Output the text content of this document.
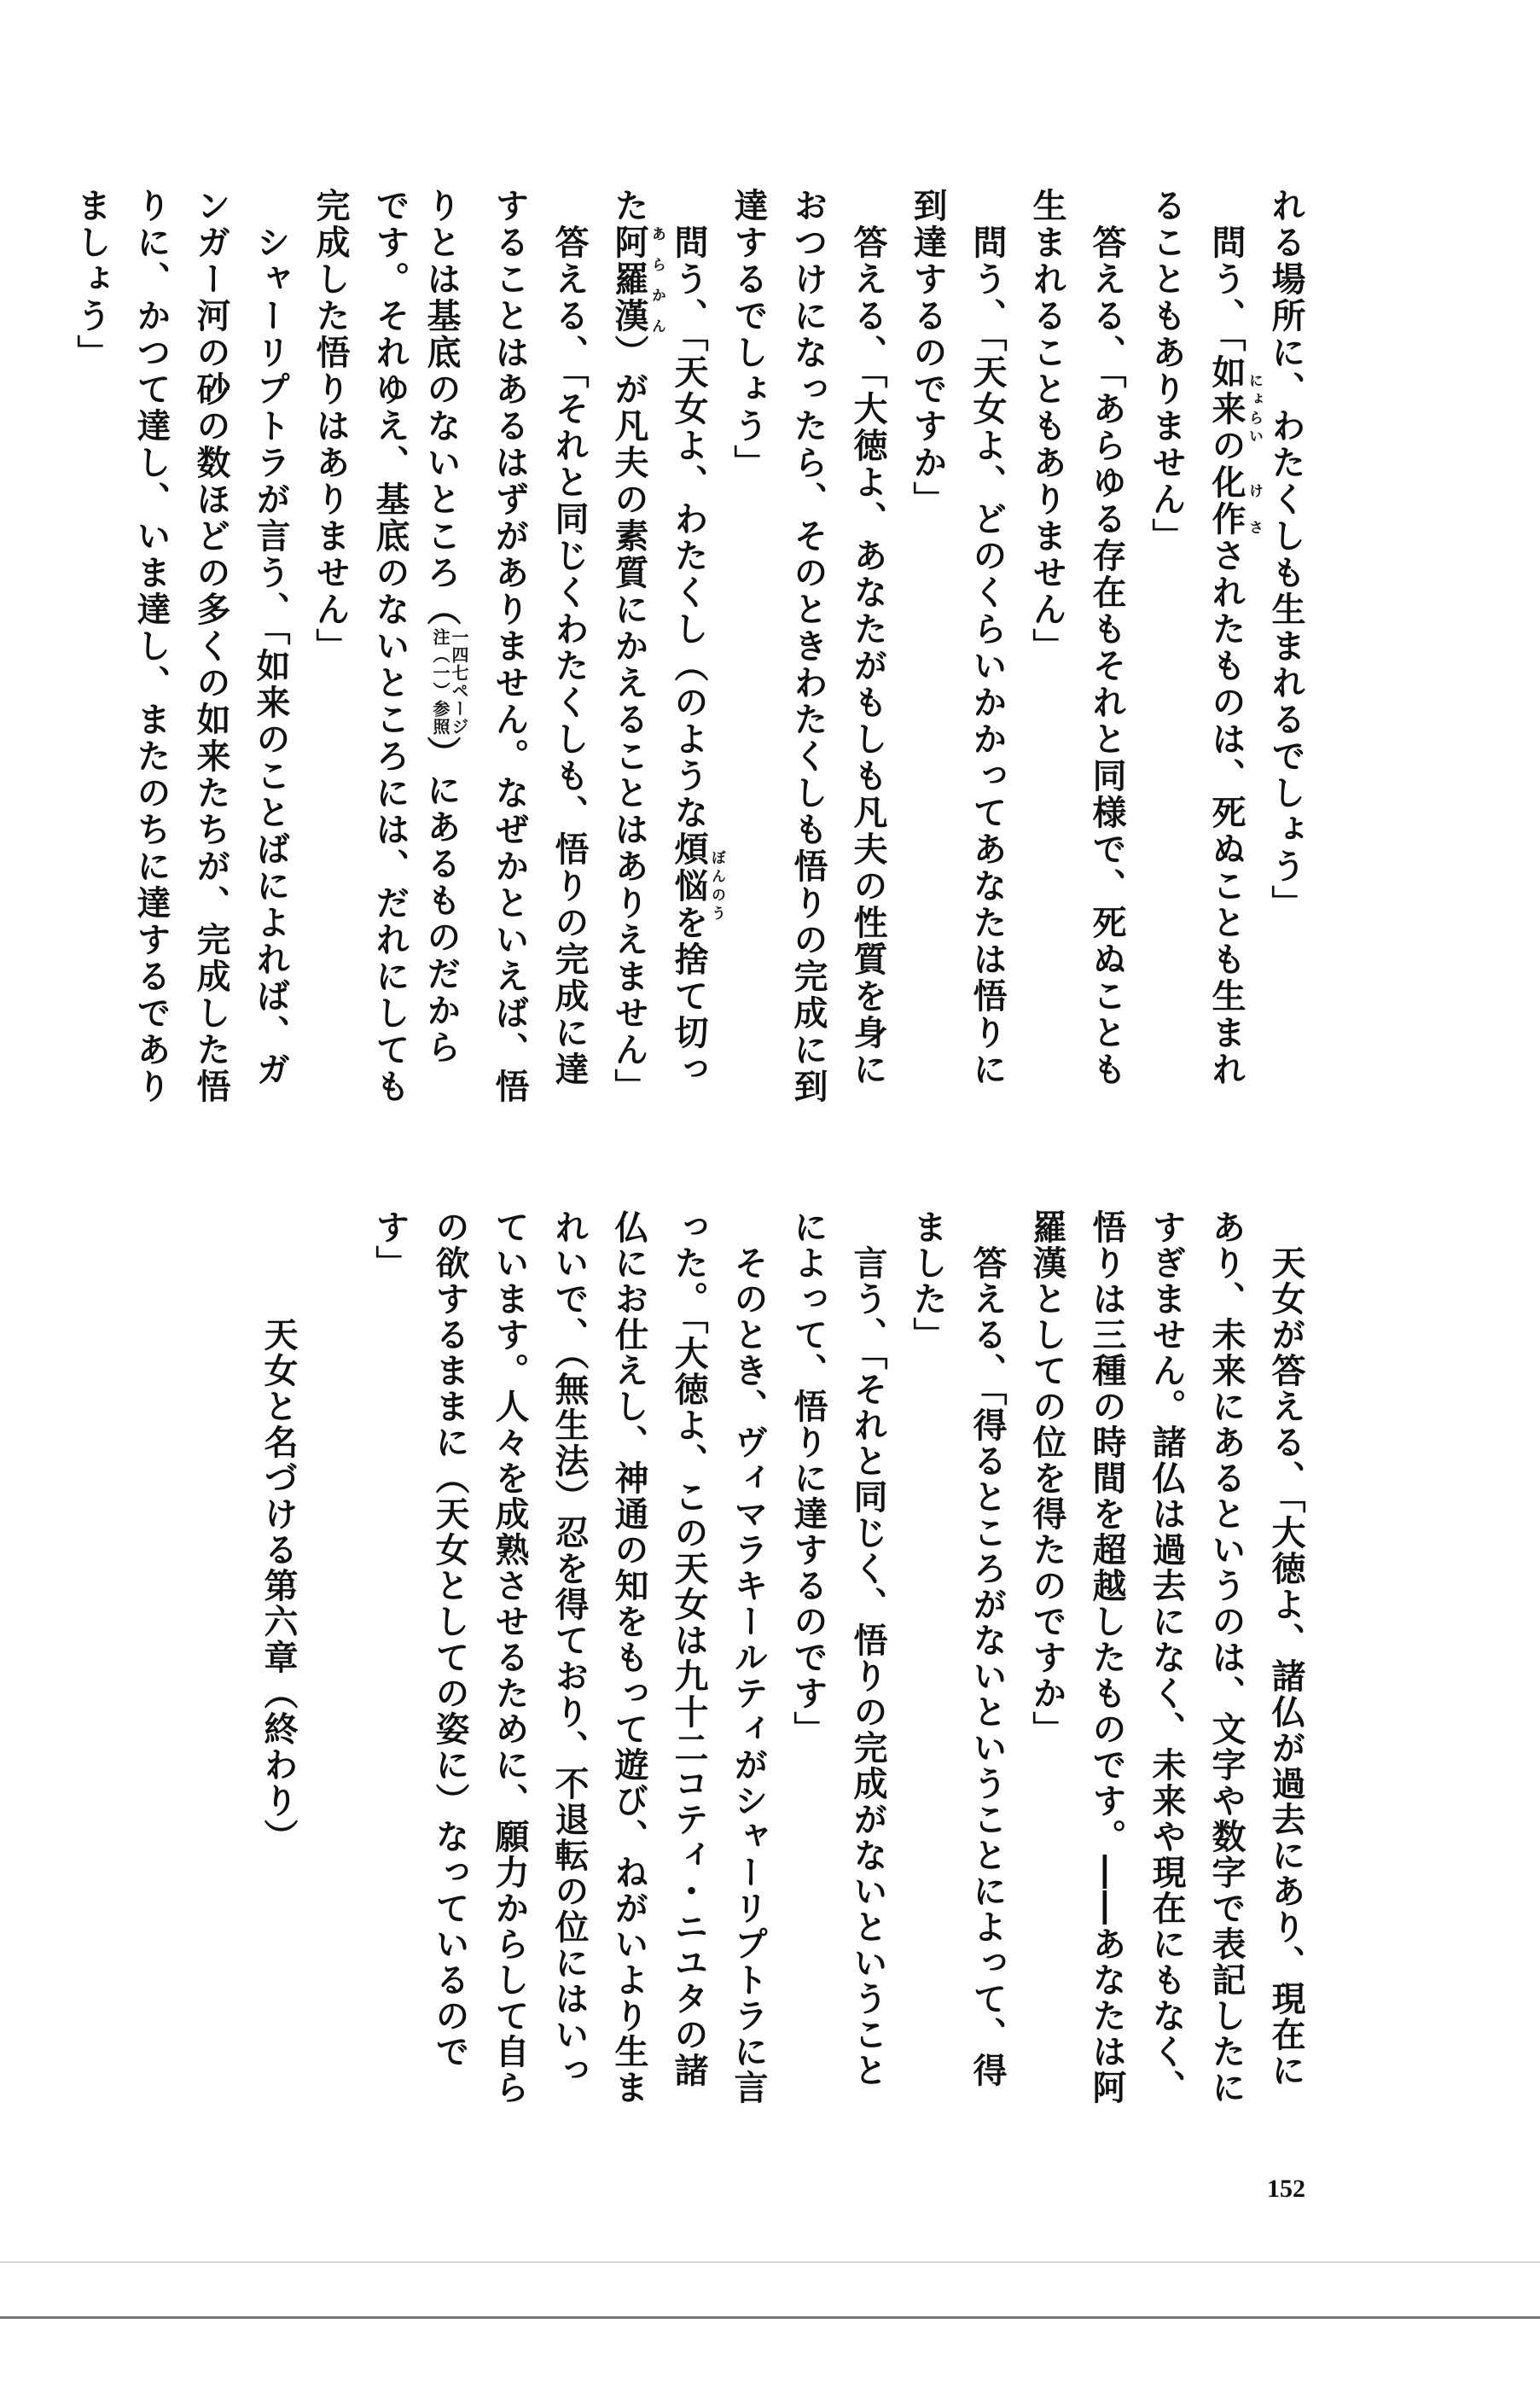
れる場所に、わたくしも生まれるでしょう」
問う、「如来の化作されたものは、死ぬことも生まれ にょらい
け
さ
ることもありません」
答える、「あらゆる存在もそれと同様で、死ぬことも
生まれることもありません」
問う、「天女よ、どのくらいかかってあなたは悟りに
到達するのですか」
答える、「大徳よ、あなたがもしも凡夫の性質を身に
おつけになったら、そのときわたくしも悟りの完成に到
達するでしょう」
問う、「天女よ、わたくし（のような煩悩を捨て切っ ぼんのう
た阿羅漢）が凡夫の素質にかえることはありえません」 あらかん
答える、「それと同じくわたくしも、悟りの完成に達
することはあるはずがありません。なぜかといえば、悟
りとは基底のないところ（
一四七ページ
注（一）参照
）にあるものだから
です。それゆえ、基底のないところには、だれにしても
完成した悟りはありません」
シャーリプトラが言う、「如来のことばによれば、ガ
ンガー河の砂の数ほどの多くの如来たちが、完成した悟
りに、かつて達し、いま達し、またのちに達するであり
ましょう」
天女が答える、「大徳よ、諸仏が過去にあり、現在に
あり、未来にあるというのは、文字や数字で表記したに
すぎません。諸仏は過去になく、未来や現在にもなく、
悟りは三種の時間を超越したものです。――あなたは阿
羅漢としての位を得たのですか」
答える、「得るところがないということによって、得
ました」
言う、「それと同じく、悟りの完成がないということ
によって、悟りに達するのです」
そのとき、ヴィマラキールティがシャーリプトラに言
った。「大徳よ、この天女は九十二コティ・ニユタの諸
仏にお仕えし、神通の知をもって遊び、ねがいより生ま
れいで、（無生法）忍を得ており、不退転の位にはいっ
ています。人々を成熟させるために、願力からして自ら
の欲するままに（天女としての姿に）なっているので
す」
天女と名づける第六章（終わり）
152
